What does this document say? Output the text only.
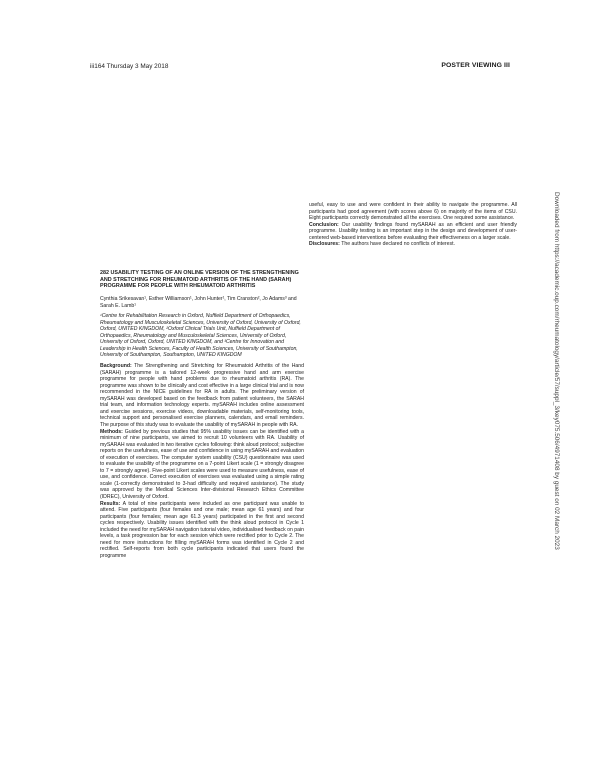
iii164 Thursday 3 May 2018	POSTER VIEWING III
282 USABILITY TESTING OF AN ONLINE VERSION OF THE STRENGTHENING AND STRETCHING FOR RHEUMATOID ARTHRITIS OF THE HAND (SARAH) PROGRAMME FOR PEOPLE WITH RHEUMATOID ARTHRITIS
Cynthia Srikesavan¹, Esther Williamson¹, John Hunter¹, Tim Cranston², Jo Adams³ and Sarah E. Lamb¹
¹Centre for Rehabilitation Research in Oxford, Nuffield Department of Orthopaedics, Rheumatology and Musculoskeletal Sciences, University of Oxford, University of Oxford, Oxford, UNITED KINGDOM, ²Oxford Clinical Trials Unit, Nuffield Department of Orthopaedics, Rheumatology and Musculoskeletal Sciences, University of Oxford, University of Oxford, Oxford, UNITED KINGDOM, and ³Centre for Innovation and Leadership in Health Sciences, Faculty of Health Sciences, University of Southampton, University of Southampton, Southampton, UNITED KINGDOM

Background: The Strengthening and Stretching for Rheumatoid Arthritis of the Hand (SARAH) programme is a tailored 12-week progressive hand and arm exercise programme for people with hand problems due to rheumatoid arthritis (RA). The programme was shown to be clinically and cost effective in a large clinical trial and is now recommended in the NICE guidelines for RA in adults. The preliminary version of mySARAH was developed based on the feedback from patient volunteers, the SARAH trial team, and information technology experts. mySARAH includes online assessment and exercise sessions, exercise videos, downloadable materials, self-monitoring tools, technical support and personalised exercise planners, calendars, and email reminders. The purpose of this study was to evaluate the usability of mySARAH in people with RA.

Methods: Guided by previous studies that 95% usability issues can be identified with a minimum of nine participants, we aimed to recruit 10 volunteers with RA. Usability of mySARAH was evaluated in two iterative cycles following: think aloud protocol; subjective reports on the usefulness, ease of use and confidence in using mySARAH and evaluation of execution of exercises. The computer system usability (CSU) questionnaire was used to evaluate the usability of the programme on a 7-point Likert scale (1 = strongly disagree to 7 = strongly agree). Five-point Likert scales were used to measure usefulness, ease of use, and confidence. Correct execution of exercises was evaluated using a simple rating scale (1-correctly demonstrated to 3-had difficulty and required assistance). The study was approved by the Medical Sciences Inter-divisional Research Ethics Committee (IDREC), University of Oxford.

Results: A total of nine participants were included as one participant was unable to attend. Five participants (four females and one male; mean age 61 years) and four participants (four females; mean age 61.3 years) participated in the first and second cycles respectively. Usability issues identified with the think aloud protocol in Cycle 1 included the need for mySARAH navigation tutorial video, individualised feedback on pain levels, a task progression bar for each session which were rectified prior to Cycle 2. The need for more instructions for filling mySARAH forms was identified in Cycle 2 and rectified. Self-reports from both cycle participants indicated that users found the programme

useful, easy to use and were confident in their ability to navigate the programme. All participants had good agreement (with scores above 6) on majority of the items of CSU. Eight participants correctly demonstrated all the exercises. One required some assistance.

Conclusion: Our usability findings found mySARAH as an efficient and user friendly programme. Usability testing is an important step in the design and development of user-centered web-based interventions before evaluating their effectiveness on a larger scale.

Disclosures: The authors have declared no conflicts of interest.	Downloaded from https://academic.oup.com/rheumatology/article/57/suppl_3/key075.506/4971408 by guest on 02 March 2023
